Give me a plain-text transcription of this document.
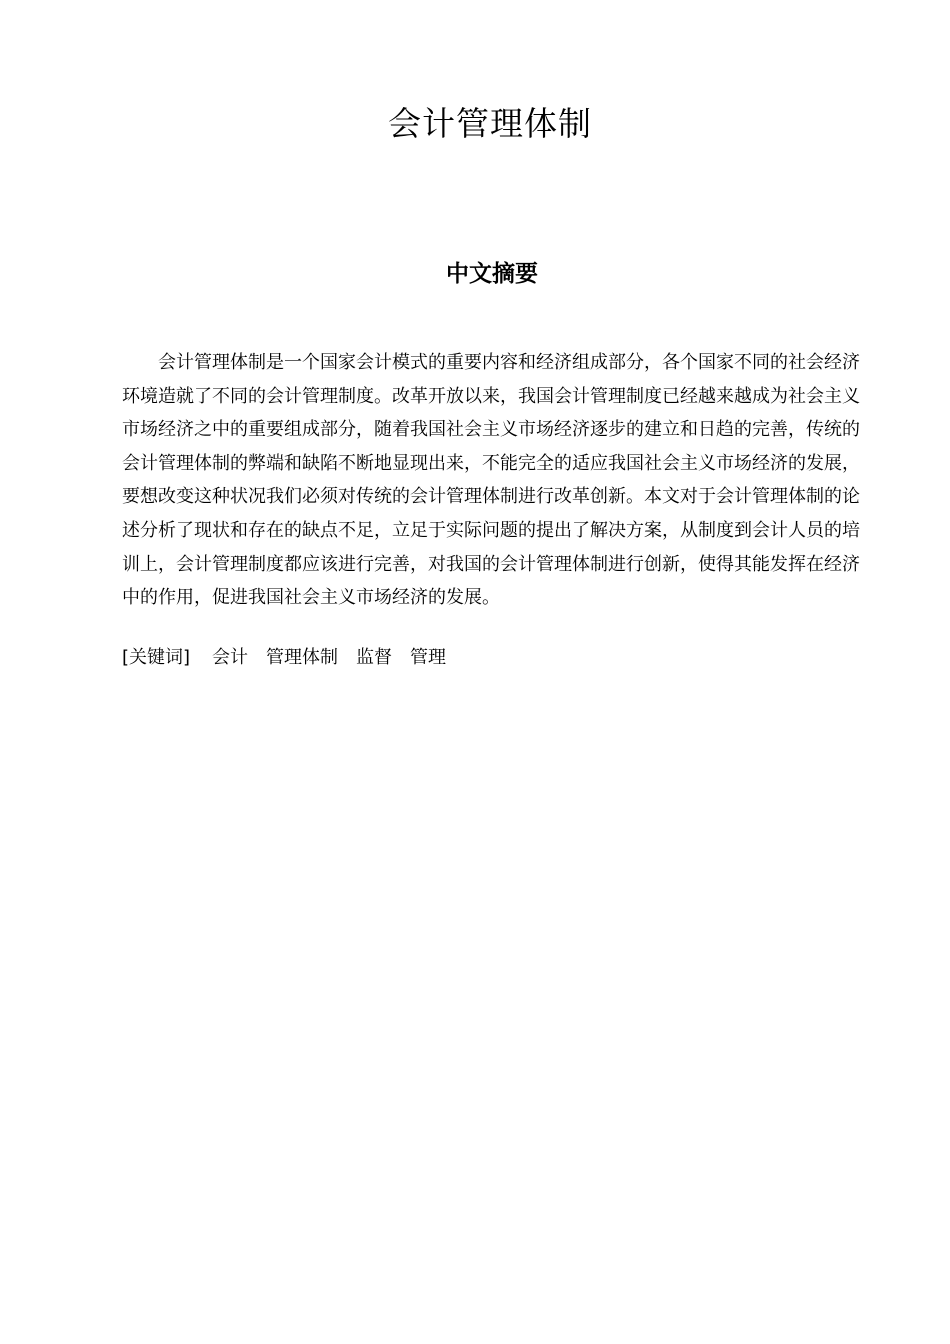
会计管理体制
中文摘要

会计管理体制是一个国家会计模式的重要内容和经济组成部分，各个国家不同的社会经济环境造就了不同的会计管理制度。改革开放以来，我国会计管理制度已经越来越成为社会主义市场经济之中的重要组成部分，随着我国社会主义市场经济逐步的建立和日趋的完善，传统的会计管理体制的弊端和缺陷不断地显现出来，不能完全的适应我国社会主义市场经济的发展，要想改变这种状况我们必须对传统的会计管理体制进行改革创新。本文对于会计管理体制的论述分析了现状和存在的缺点不足，立足于实际问题的提出了解决方案，从制度到会计人员的培训上，会计管理制度都应该进行完善，对我国的会计管理体制进行创新，使得其能发挥在经济中的作用，促进我国社会主义市场经济的发展。

[关键词] 会计 管理体制 监督 管理
